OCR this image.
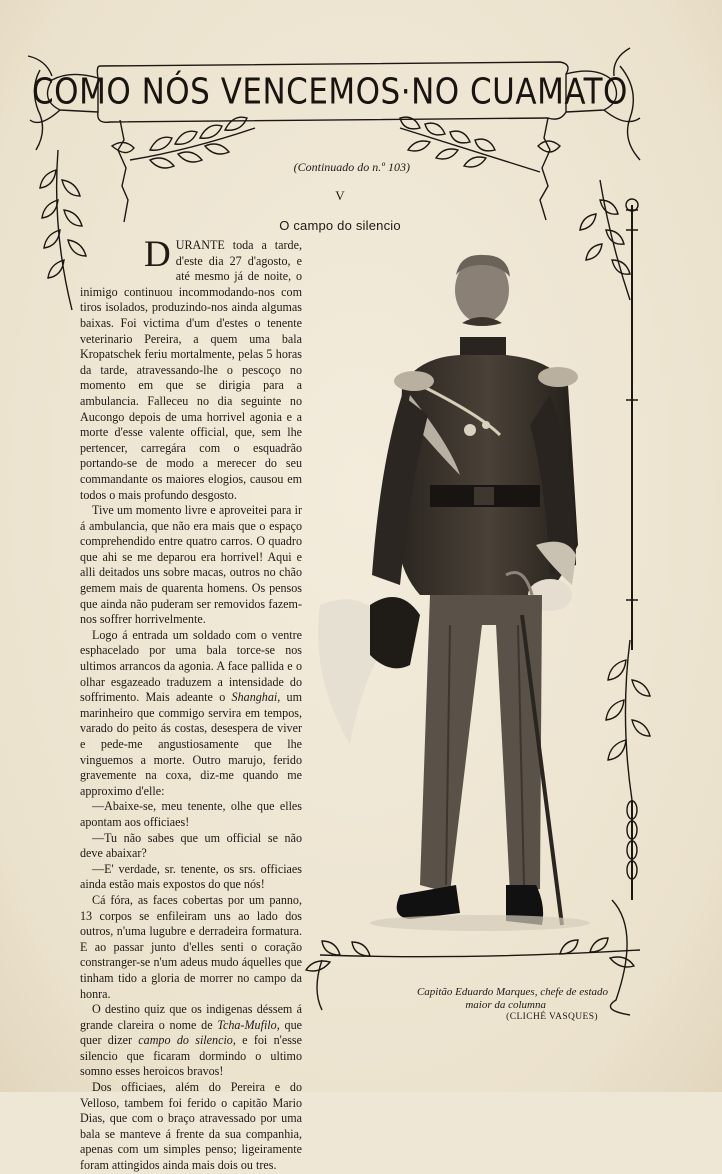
COMO NÓS VENCEMOS·NO CUAMATO
(Continuado do n.º 103)
V
O campo do silencio

DURANTE toda a tarde, d'este dia 27 d'agosto, e até mesmo já de noite, o inimigo continuou incommodando-nos com tiros isolados, produzindo-nos ainda algumas baixas. Foi victima d'um d'estes o tenente veterinario Pereira, a quem uma bala Kropatschek feriu mortalmente, pelas 5 horas da tarde, atravessando-lhe o pescoço no momento em que se dirigia para a ambulancia. Falleceu no dia seguinte no Aucongo depois de uma horrivel agonia e a morte d'esse valente official, que, sem lhe pertencer, carregára com o esquadrão portando-se de modo a merecer do seu commandante os maiores elogios, causou em todos o mais profundo desgosto.

Tive um momento livre e aproveitei para ir á ambulancia, que não era mais que o espaço comprehendido entre quatro carros. O quadro que ahi se me deparou era horrivel! Aqui e alli deitados uns sobre macas, outros no chão gemem mais de quarenta homens. Os pensos que ainda não puderam ser removidos fazem-nos soffrer horrivelmente.

Logo á entrada um soldado com o ventre esphacelado por uma bala torce-se nos ultimos arrancos da agonia. A face pallida e o olhar esgazeado traduzem a intensidade do soffrimento. Mais adeante o Shanghai, um marinheiro que commigo servira em tempos, varado do peito ás costas, desespera de viver e pede-me angustiosamente que lhe vinguemos a morte. Outro marujo, ferido gravemente na coxa, diz-me quando me approximo d'elle:

—Abaixe-se, meu tenente, olhe que elles apontam aos officiaes!

—Tu não sabes que um official se não deve abaixar?

—E' verdade, sr. tenente, os srs. officiaes ainda estão mais expostos do que nós!

Cá fóra, as faces cobertas por um panno, 13 corpos se enfileiram uns ao lado dos outros, n'uma lugubre e derradeira formatura. E ao passar junto d'elles senti o coração constranger-se n'um adeus mudo áquelles que tinham tido a gloria de morrer no campo da honra.

O destino quiz que os indigenas déssem á grande clareira o nome de Tcha-Mufilo, que quer dizer campo do silencio, e foi n'esse silencio que ficaram dormindo o ultimo somno esses heroicos bravos!

Dos officiaes, além do Pereira e do Velloso, tambem foi ferido o capitão Mario Dias, que com o braço atravessado por uma bala se manteve á frente da sua companhia, apenas com um simples penso; ligeiramente foram attingidos ainda mais dois ou tres.

Capitão Eduardo Marques, chefe de estado
maior da columna
(CLICHÉ VASQUES)
